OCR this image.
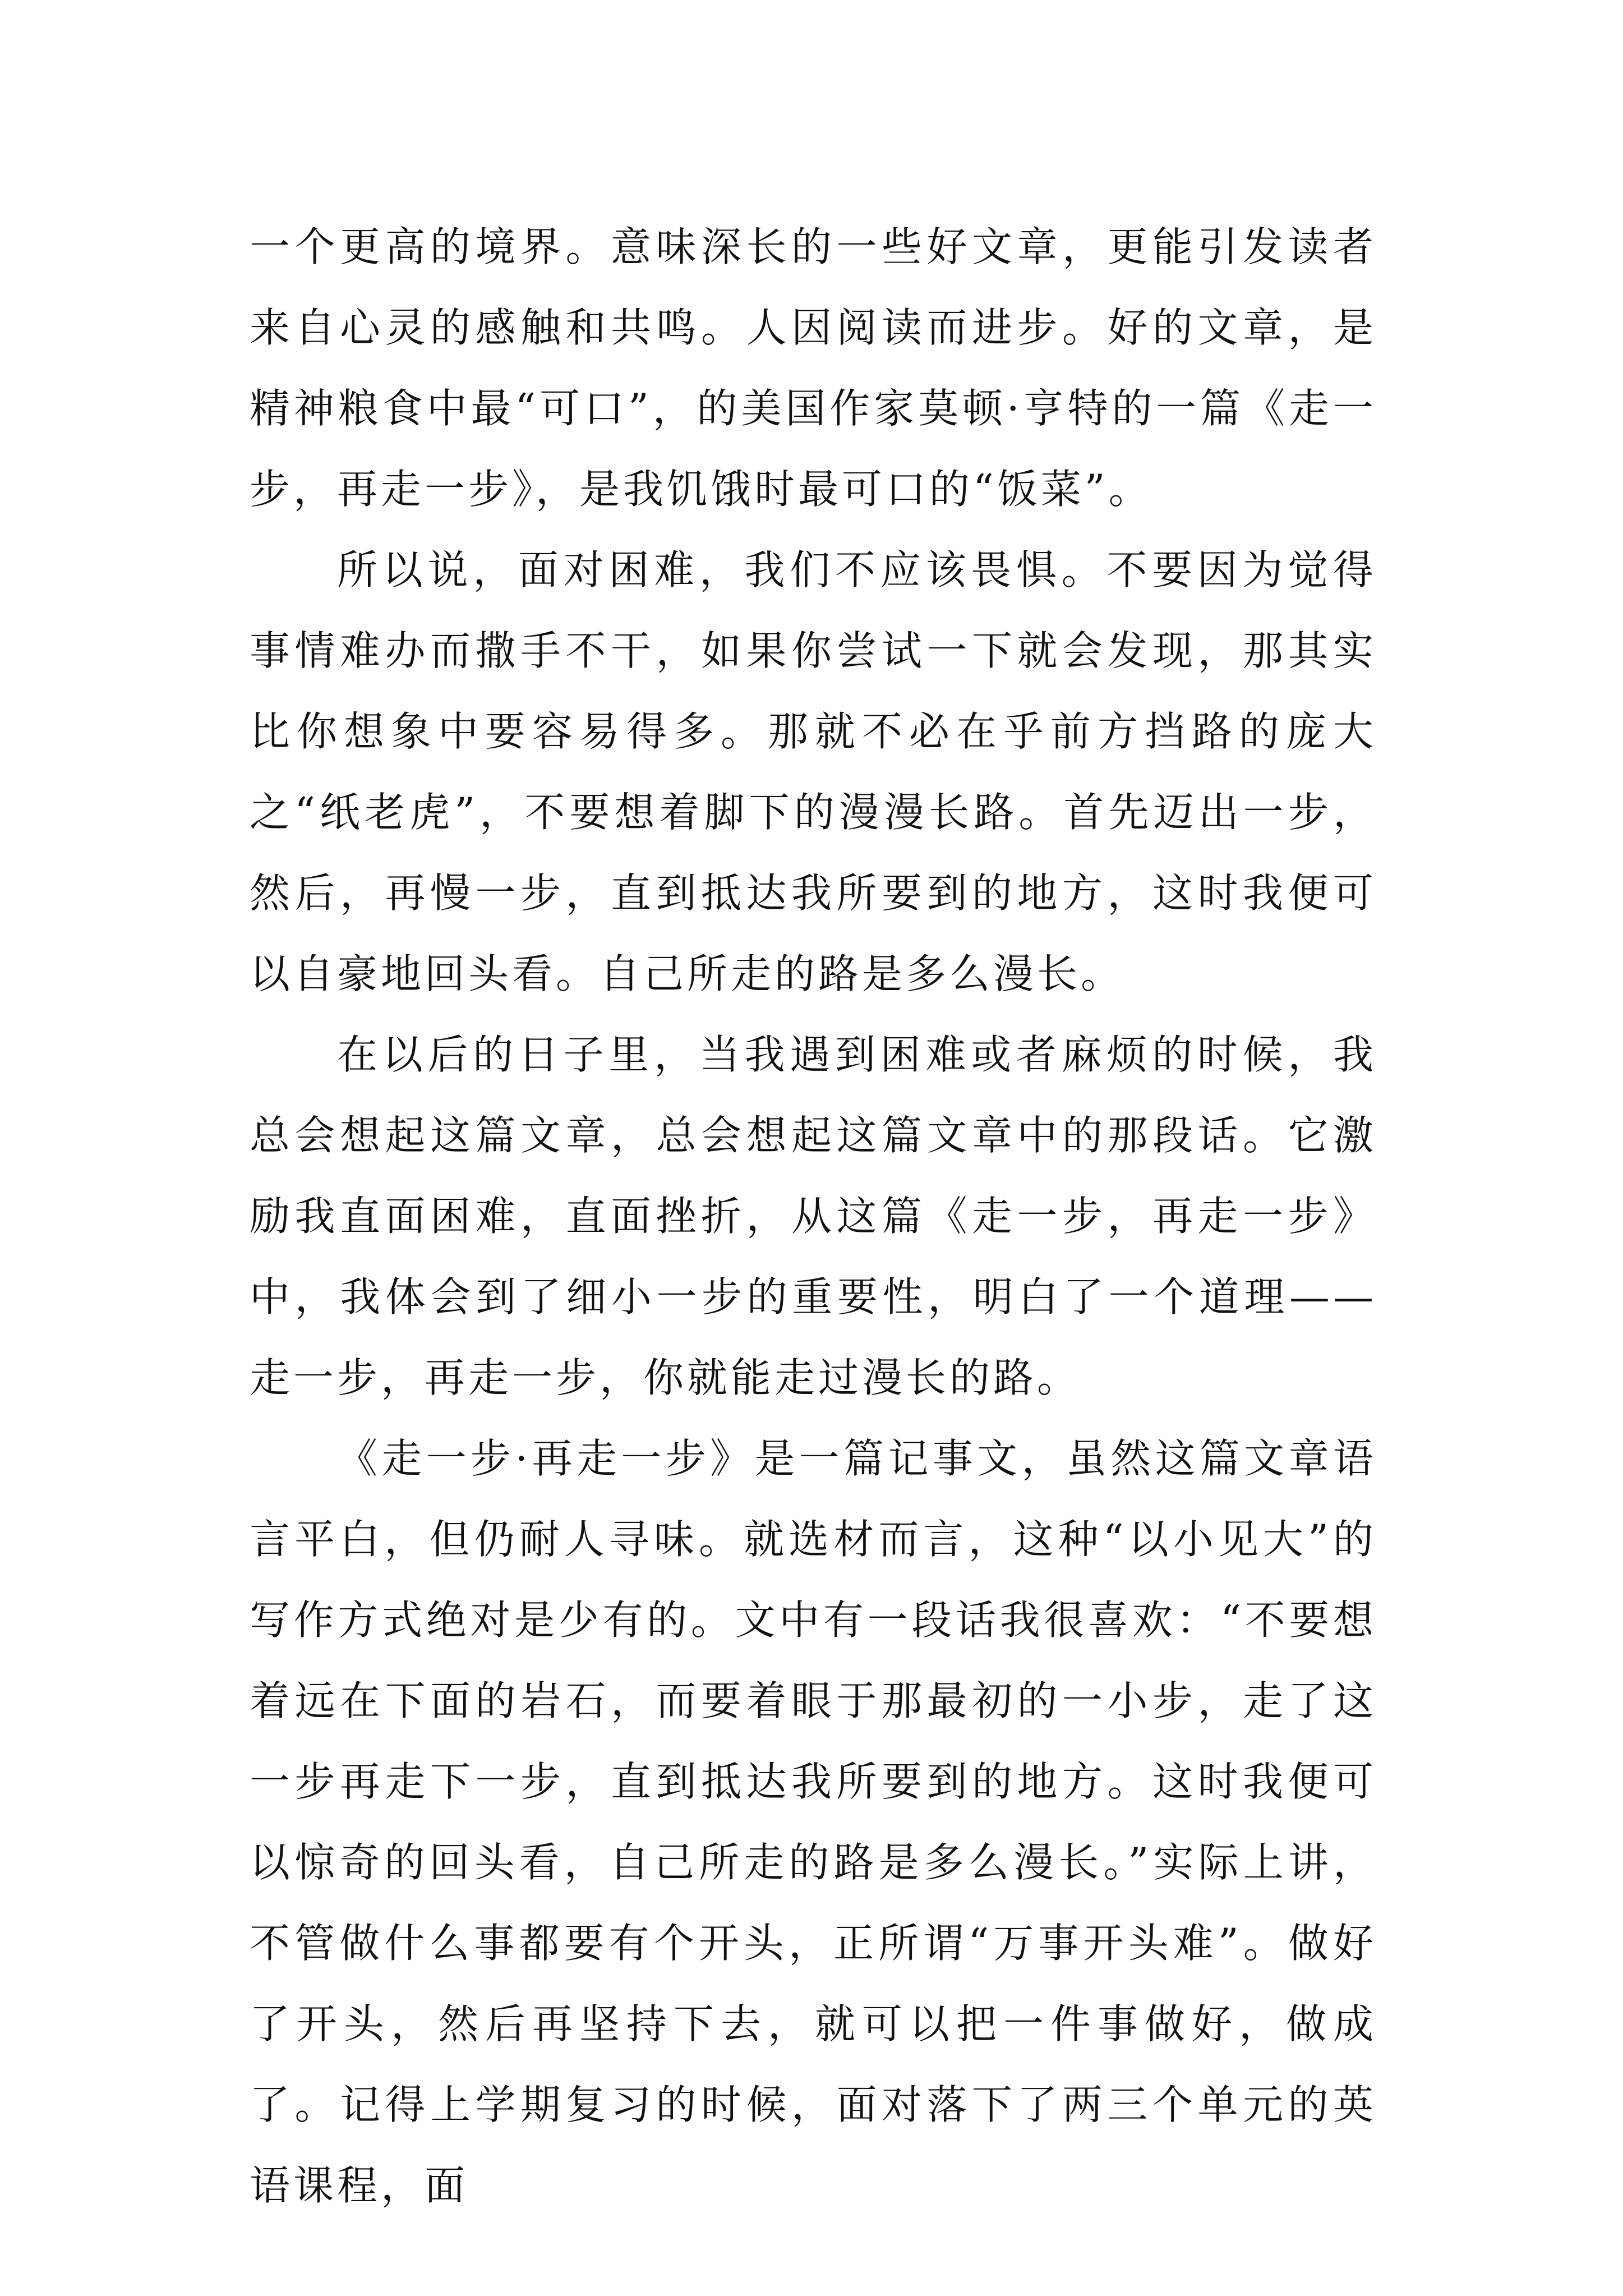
一个更高的境界。意味深长的一些好文章，更能引发读者来自心灵的感触和共鸣。人因阅读而进步。好的文章，是精神粮食中最“可口”，的美国作家莫顿·亨特的一篇《走一步，再走一步》，是我饥饿时最可口的“饭菜”。

所以说，面对困难，我们不应该畏惧。不要因为觉得事情难办而撒手不干，如果你尝试一下就会发现，那其实比你想象中要容易得多。那就不必在乎前方挡路的庞大之“纸老虎”，不要想着脚下的漫漫长路。首先迈出一步，然后，再慢一步，直到抵达我所要到的地方，这时我便可以自豪地回头看。自己所走的路是多么漫长。

在以后的日子里，当我遇到困难或者麻烦的时候，我总会想起这篇文章，总会想起这篇文章中的那段话。它激励我直面困难，直面挫折，从这篇《走一步，再走一步》中，我体会到了细小一步的重要性，明白了一个道理——走一步，再走一步，你就能走过漫长的路。

《走一步·再走一步》是一篇记事文，虽然这篇文章语言平白，但仍耐人寻味。就选材而言，这种“以小见大”的写作方式绝对是少有的。文中有一段话我很喜欢：“不要想着远在下面的岩石，而要着眼于那最初的一小步，走了这一步再走下一步，直到抵达我所要到的地方。这时我便可以惊奇的回头看，自己所走的路是多么漫长。”实际上讲，不管做什么事都要有个开头，正所谓“万事开头难”。做好了开头，然后再坚持下去，就可以把一件事做好，做成了。记得上学期复习的时候，面对落下了两三个单元的英语课程，面
